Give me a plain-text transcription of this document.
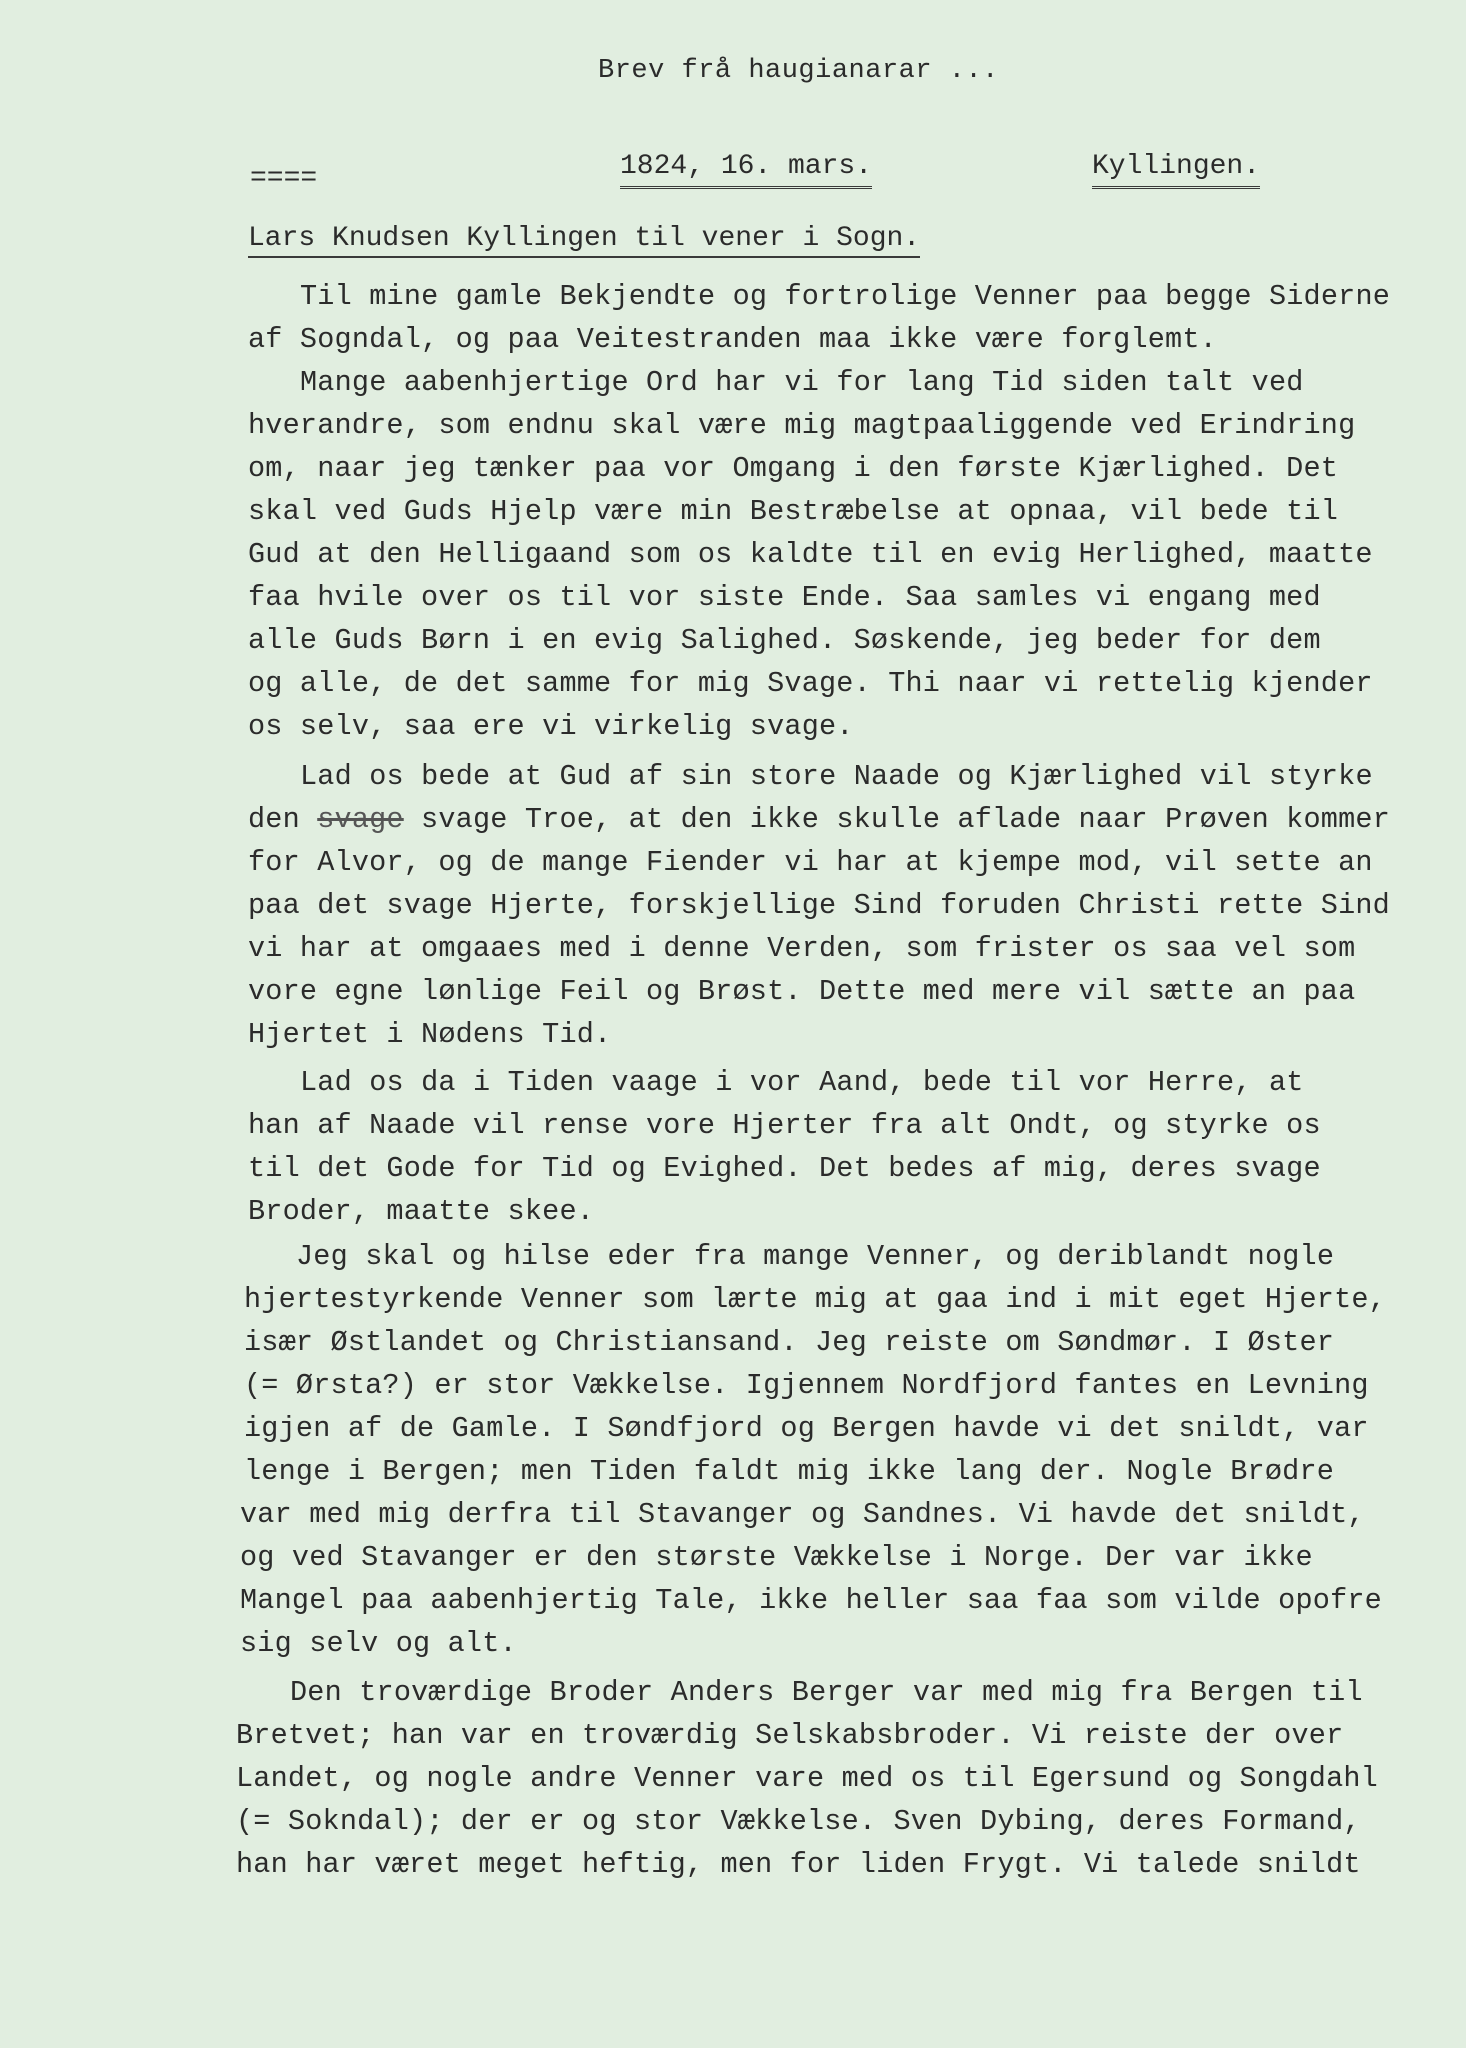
Brev frå haugianarar ...
====	1824, 16. mars.	Kyllingen.
Lars Knudsen Kyllingen til vener i Sogn.
Til mine gamle Bekjendte og fortrolige Venner paa begge Siderne
af Sogndal, og paa Veitestranden maa ikke være forglemt.
Mange aabenhjertige Ord har vi for lang Tid siden talt ved
hverandre, som endnu skal være mig magtpaaliggende ved Erindring
om, naar jeg tænker paa vor Omgang i den første Kjærlighed. Det
skal ved Guds Hjelp være min Bestræbelse at opnaa, vil bede til
Gud at den Helligaand som os kaldte til en evig Herlighed, maatte
faa hvile over os til vor siste Ende. Saa samles vi engang med
alle Guds Børn i en evig Salighed. Søskende, jeg beder for dem
og alle, de det samme for mig Svage. Thi naar vi rettelig kjender
os selv, saa ere vi virkelig svage.
Lad os bede at Gud af sin store Naade og Kjærlighed vil styrke
den svage svage Troe, at den ikke skulle aflade naar Prøven kommer
for Alvor, og de mange Fiender vi har at kjempe mod, vil sette an
paa det svage Hjerte, forskjellige Sind foruden Christi rette Sind
vi har at omgaaes med i denne Verden, som frister os saa vel som
vore egne lønlige Feil og Brøst. Dette med mere vil sætte an paa
Hjertet i Nødens Tid.
Lad os da i Tiden vaage i vor Aand, bede til vor Herre, at
han af Naade vil rense vore Hjerter fra alt Ondt, og styrke os
til det Gode for Tid og Evighed. Det bedes af mig, deres svage
Broder, maatte skee.
Jeg skal og hilse eder fra mange Venner, og deriblandt nogle
hjertestyrkende Venner som lærte mig at gaa ind i mit eget Hjerte,
især Østlandet og Christiansand. Jeg reiste om Søndmør. I Øster
(= Ørsta?) er stor Vækkelse. Igjennem Nordfjord fantes en Levning
igjen af de Gamle. I Søndfjord og Bergen havde vi det snildt, var
lenge i Bergen; men Tiden faldt mig ikke lang der. Nogle Brødre
var med mig derfra til Stavanger og Sandnes. Vi havde det snildt,
og ved Stavanger er den største Vækkelse i Norge. Der var ikke
Mangel paa aabenhjertig Tale, ikke heller saa faa som vilde opofre
sig selv og alt.
Den troværdige Broder Anders Berger var med mig fra Bergen til
Bretvet; han var en troværdig Selskabsbroder. Vi reiste der over
Landet, og nogle andre Venner vare med os til Egersund og Songdahl
(= Sokndal); der er og stor Vækkelse. Sven Dybing, deres Formand,
han har været meget heftig, men for liden Frygt. Vi talede snildt
